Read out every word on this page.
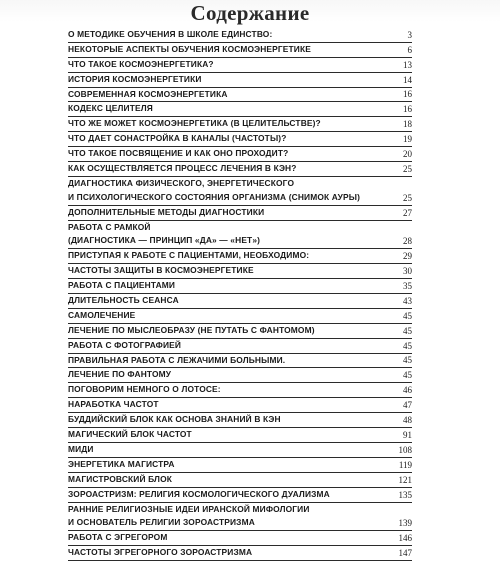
Содержание
О МЕТОДИКЕ ОБУЧЕНИЯ В ШКОЛЕ ЕДИНСТВО:	3
НЕКОТОРЫЕ АСПЕКТЫ ОБУЧЕНИЯ КОСМОЭНЕРГЕТИКЕ	6
ЧТО ТАКОЕ КОСМОЭНЕРГЕТИКА?	13
ИСТОРИЯ КОСМОЭНЕРГЕТИКИ	14
СОВРЕМЕННАЯ КОСМОЭНЕРГЕТИКА	16
КОДЕКС ЦЕЛИТЕЛЯ	16
ЧТО ЖЕ МОЖЕТ КОСМОЭНЕРГЕТИКА (В ЦЕЛИТЕЛЬСТВЕ)?	18
ЧТО ДАЕТ СОНАСТРОЙКА В КАНАЛЫ (ЧАСТОТЫ)?	19
ЧТО ТАКОЕ ПОСВЯЩЕНИЕ И КАК ОНО ПРОХОДИТ?	20
КАК ОСУЩЕСТВЛЯЕТСЯ ПРОЦЕСС ЛЕЧЕНИЯ В КЭН?	25
ДИАГНОСТИКА ФИЗИЧЕСКОГО, ЭНЕРГЕТИЧЕСКОГО
И ПСИХОЛОГИЧЕСКОГО СОСТОЯНИЯ ОРГАНИЗМА (СНИМОК АУРЫ)	25
ДОПОЛНИТЕЛЬНЫЕ МЕТОДЫ ДИАГНОСТИКИ	27
РАБОТА С РАМКОЙ
(ДИАГНОСТИКА — ПРИНЦИП «ДА» — «НЕТ»)	28
ПРИСТУПАЯ К РАБОТЕ С ПАЦИЕНТАМИ, НЕОБХОДИМО:	29
ЧАСТОТЫ ЗАЩИТЫ В КОСМОЭНЕРГЕТИКЕ	30
РАБОТА С ПАЦИЕНТАМИ	35
ДЛИТЕЛЬНОСТЬ СЕАНСА	43
САМОЛЕЧЕНИЕ	45
ЛЕЧЕНИЕ ПО МЫСЛЕОБРАЗУ (НЕ ПУТАТЬ С ФАНТОМОМ)	45
РАБОТА С ФОТОГРАФИЕЙ	45
ПРАВИЛЬНАЯ РАБОТА С ЛЕЖАЧИМИ БОЛЬНЫМИ.	45
ЛЕЧЕНИЕ ПО ФАНТОМУ	45
ПОГОВОРИМ НЕМНОГО О ЛОТОСЕ:	46
НАРАБОТКА ЧАСТОТ	47
БУДДИЙСКИЙ БЛОК КАК ОСНОВА ЗНАНИЙ В КЭН	48
МАГИЧЕСКИЙ БЛОК ЧАСТОТ	91
МИДИ	108
ЭНЕРГЕТИКА МАГИСТРА	119
МАГИСТРОВСКИЙ БЛОК	121
ЗОРОАСТРИЗМ: РЕЛИГИЯ КОСМОЛОГИЧЕСКОГО ДУАЛИЗМА	135
РАННИЕ РЕЛИГИОЗНЫЕ ИДЕИ ИРАНСКОЙ МИФОЛОГИИ
И ОСНОВАТЕЛЬ РЕЛИГИИ ЗОРОАСТРИЗМА	139
РАБОТА С ЭГРЕГОРОМ	146
ЧАСТОТЫ ЭГРЕГОРНОГО ЗОРОАСТРИЗМА	147
